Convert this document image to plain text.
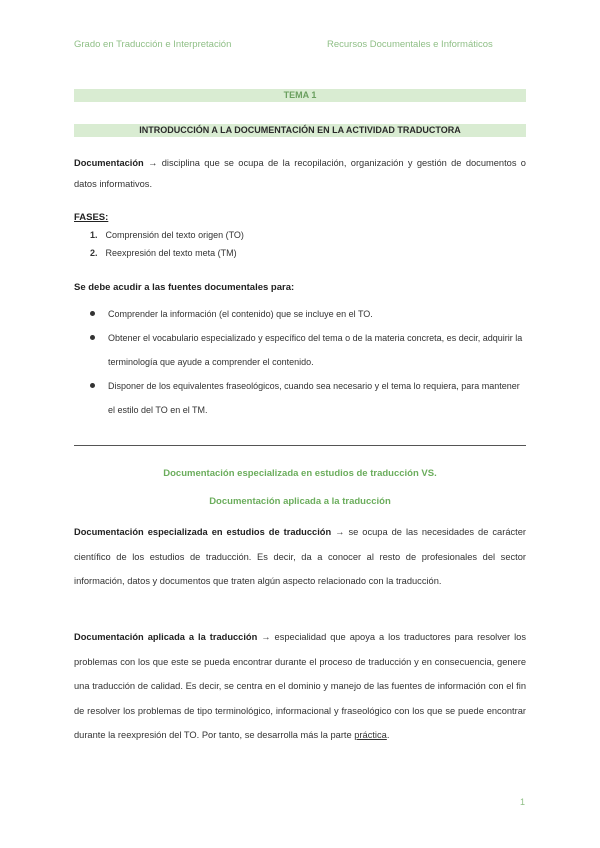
Grado en Traducción e Interpretación	Recursos Documentales e Informáticos
TEMA 1
INTRODUCCIÓN A LA DOCUMENTACIÓN EN LA ACTIVIDAD TRADUCTORA
Documentación → disciplina que se ocupa de la recopilación, organización y gestión de documentos o datos informativos.
FASES:
1. Comprensión del texto origen (TO)
2. Reexpresión del texto meta (TM)
Se debe acudir a las fuentes documentales para:
Comprender la información (el contenido) que se incluye en el TO.
Obtener el vocabulario especializado y específico del tema o de la materia concreta, es decir, adquirir la terminología que ayude a comprender el contenido.
Disponer de los equivalentes fraseológicos, cuando sea necesario y el tema lo requiera, para mantener el estilo del TO en el TM.
Documentación especializada en estudios de traducción VS.
Documentación aplicada a la traducción
Documentación especializada en estudios de traducción → se ocupa de las necesidades de carácter científico de los estudios de traducción. Es decir, da a conocer al resto de profesionales del sector información, datos y documentos que traten algún aspecto relacionado con la traducción.
Documentación aplicada a la traducción → especialidad que apoya a los traductores para resolver los problemas con los que este se pueda encontrar durante el proceso de traducción y en consecuencia, genere una traducción de calidad. Es decir, se centra en el dominio y manejo de las fuentes de información con el fin de resolver los problemas de tipo terminológico, informacional y fraseológico con los que se puede encontrar durante la reexpresión del TO. Por tanto, se desarrolla más la parte práctica.
1
